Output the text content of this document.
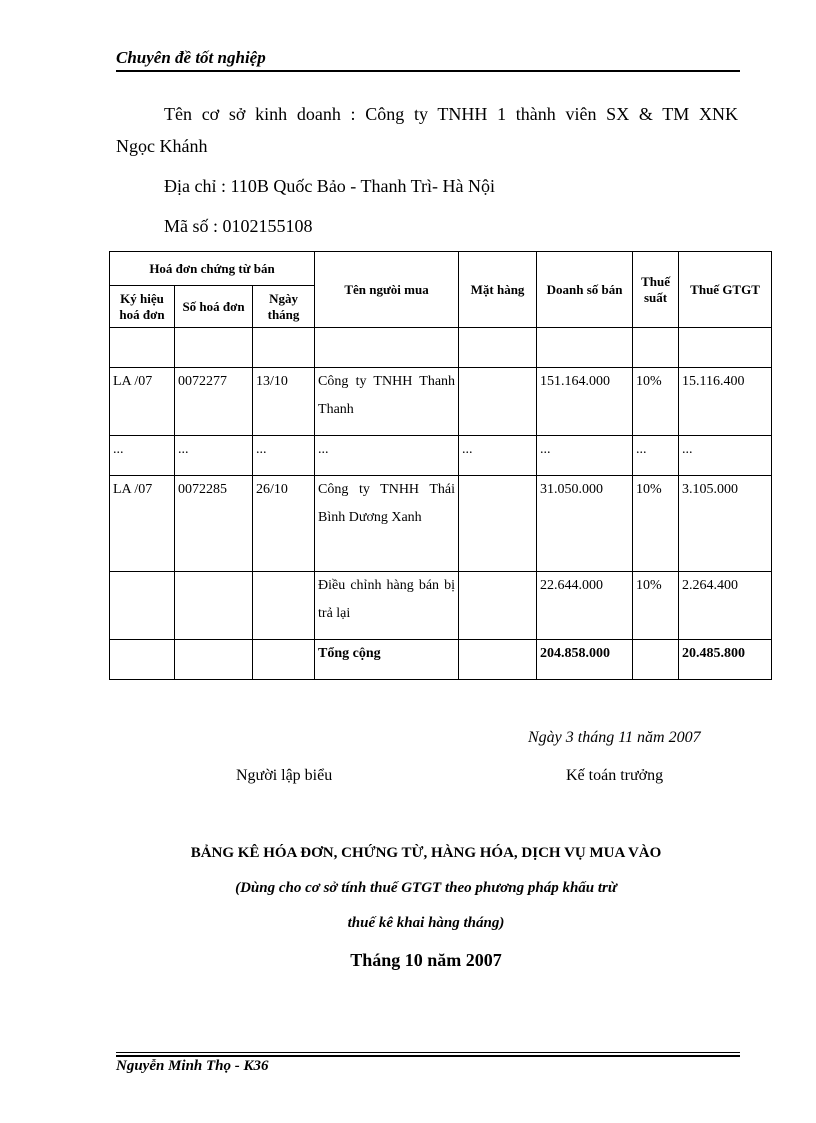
Chuyên đề tốt nghiệp
Tên cơ sở kinh doanh : Công ty TNHH 1 thành viên SX & TM XNK
Ngọc Khánh
Địa chỉ : 110B Quốc Bảo - Thanh Trì- Hà Nội
Mã số : 0102155108
Hoá đơn chứng từ bán			Tên ngưòi mua	Mặt hàng	Doanh số bán	Thuế suất	Thuế GTGT
Ký hiệu hoá đơn	Số hoá đơn	Ngày tháng					

LA /07	0072277	13/10	Công ty TNHH Thanh Thanh		151.164.000	10%	15.116.400
...	...	...	...	...	...	...	...
LA /07	0072285	26/10	Công ty TNHH Thái Bình Dương Xanh		31.050.000	10%	3.105.000
			Điều chỉnh hàng bán bị trả lại		22.644.000	10%	2.264.400
			Tổng cộng		204.858.000		20.485.800
Ngày 3 tháng 11 năm 2007
Người lập biểu	Kế toán trưởng
BẢNG KÊ HÓA ĐƠN, CHỨNG TỪ, HÀNG HÓA, DỊCH VỤ MUA VÀO
(Dùng cho cơ sở tính thuế GTGT theo phương pháp khấu trừ
thuế kê khai hàng tháng)
Tháng 10 năm 2007
Nguyễn Minh Thọ - K36
